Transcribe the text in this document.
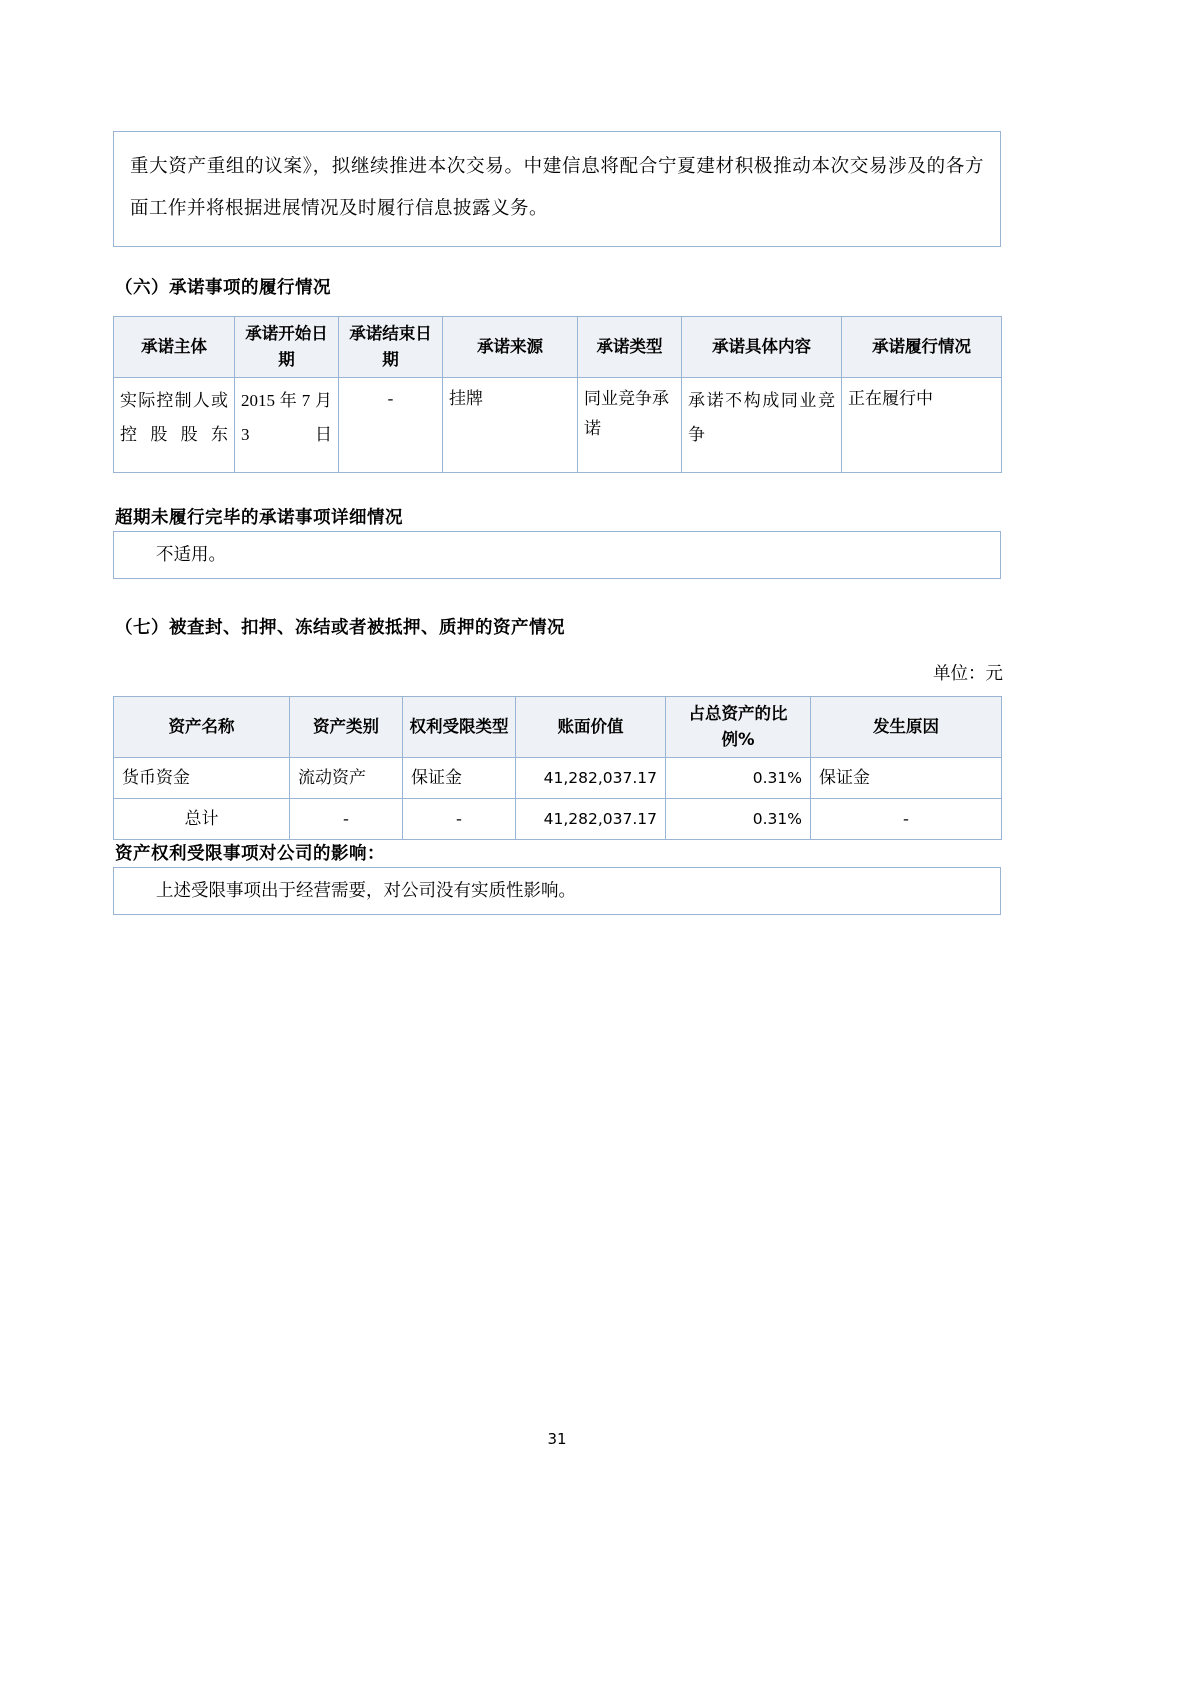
重大资产重组的议案》，拟继续推进本次交易。中建信息将配合宁夏建材积极推动本次交易涉及的各方面工作并将根据进展情况及时履行信息披露义务。

（六）承诺事项的履行情况
承诺主体	承诺开始日期	承诺结束日期	承诺来源	承诺类型	承诺具体内容	承诺履行情况
实际控制人或控股股东	2015 年 7 月 3 日	-	挂牌	同业竞争承诺	承诺不构成同业竞争	正在履行中
超期未履行完毕的承诺事项详细情况
不适用。
（七）被查封、扣押、冻结或者被抵押、质押的资产情况
单位：元
资产名称	资产类别	权利受限类型	账面价值	占总资产的比例%	发生原因
货币资金	流动资产	保证金	41,282,037.17	0.31%	保证金
总计	-	-	41,282,037.17	0.31%	-
资产权利受限事项对公司的影响：
上述受限事项出于经营需要，对公司没有实质性影响。
31
